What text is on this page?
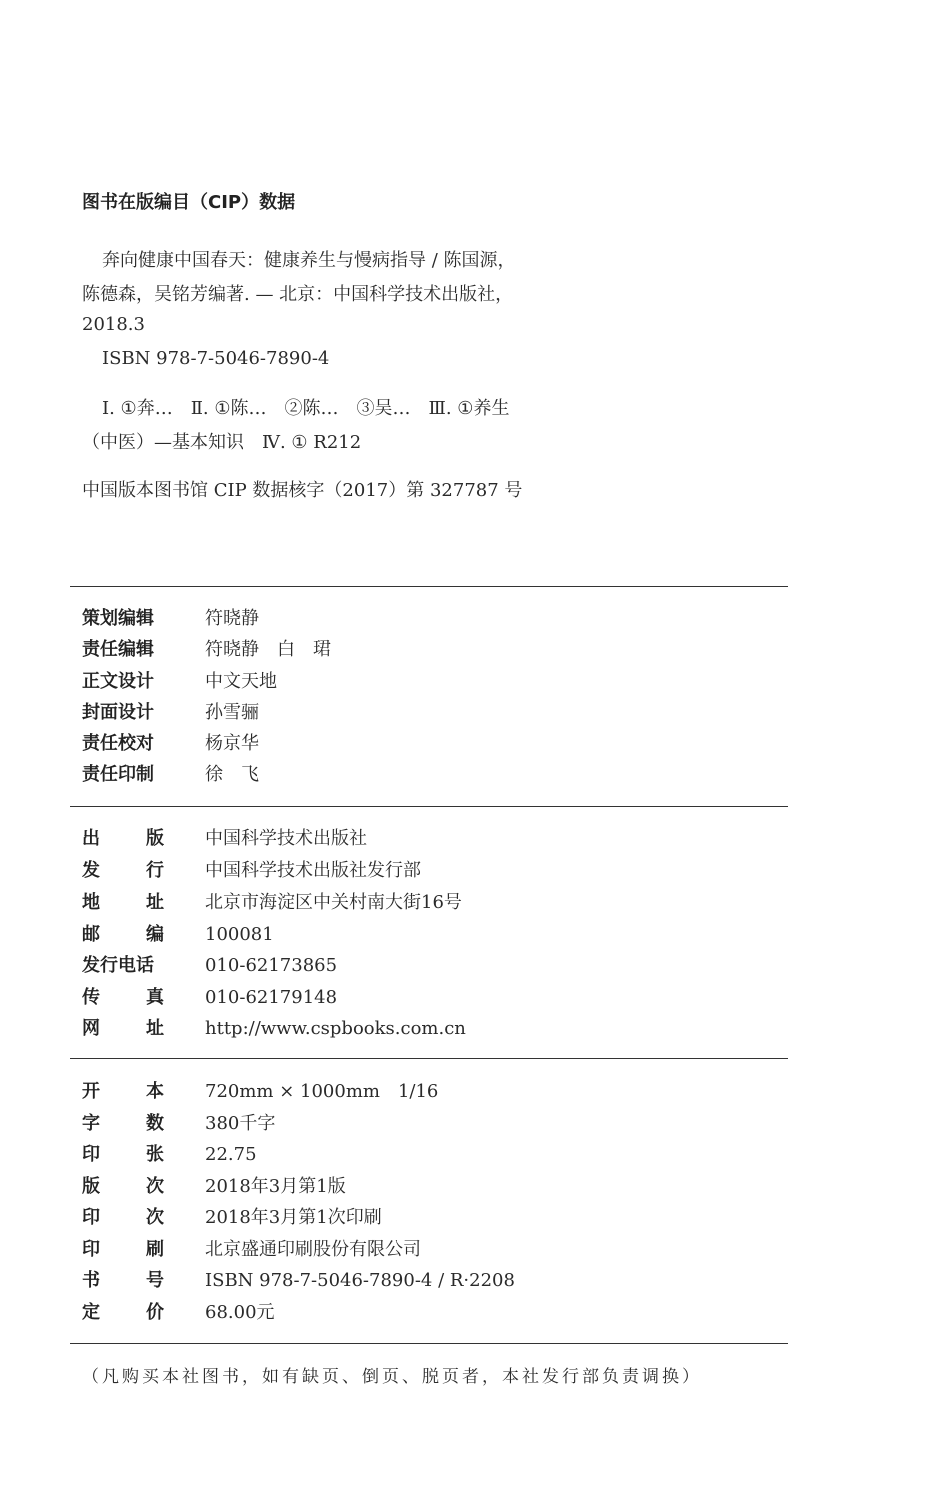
图书在版编目（CIP）数据
奔向健康中国春天：健康养生与慢病指导 / 陈国源，
陈德森，吴铭芳编著. — 北京：中国科学技术出版社，
2018.3
ISBN 978-7-5046-7890-4
Ⅰ. ①奔…　Ⅱ. ①陈…　②陈…　③吴…　Ⅲ. ①养生
（中医）—基本知识　Ⅳ. ① R212
中国版本图书馆 CIP 数据核字（2017）第 327787 号
策划编辑	符晓静
责任编辑	符晓静　白　珺
正文设计	中文天地
封面设计	孙雪骊
责任校对	杨京华
责任印制	徐　飞
出	版 中国科学技术出版社
发	行 中国科学技术出版社发行部
地	址 北京市海淀区中关村南大街16号
邮	编 100081
发行电话	010-62173865
传	真 010-62179148
网	址 http://www.cspbooks.com.cn
开	本 720mm × 1000mm　1/16
字	数 380千字
印	张 22.75
版	次 2018年3月第1版
印	次 2018年3月第1次印刷
印	刷 北京盛通印刷股份有限公司
书	号 ISBN 978-7-5046-7890-4 / R·2208
定	价 68.00元
（凡购买本社图书，如有缺页、倒页、脱页者，本社发行部负责调换）
